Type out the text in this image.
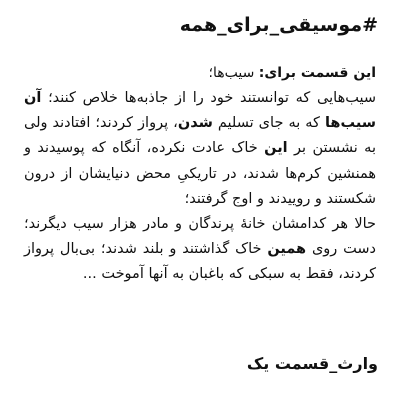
#موسیقی_برای_همه
این قسمت برای: سیب‌ها؛

سیب‌هایی که توانستند خود را از جاذبه‌ها خلاص کنند؛ آن سیب‌ها که به جای تسلیم شدن، پرواز کردند؛ افتادند ولی به نشستن بر این خاک عادت نکرده، آنگاه که پوسیدند و همنشین کرم‌ها شدند، در تاریکیِ محض دنیایشان از درون شکستند و روییدند و اوج گرفتند؛

حالا هر کدامشان خانهٔ پرندگان و مادر هزار سیب دیگرند؛ دست روی همین خاک گذاشتند و بلند شدند؛ بی‌بال پرواز کردند، فقط به سبکی که باغبان به آنها آموخت ...

وارث_قسمت یک
